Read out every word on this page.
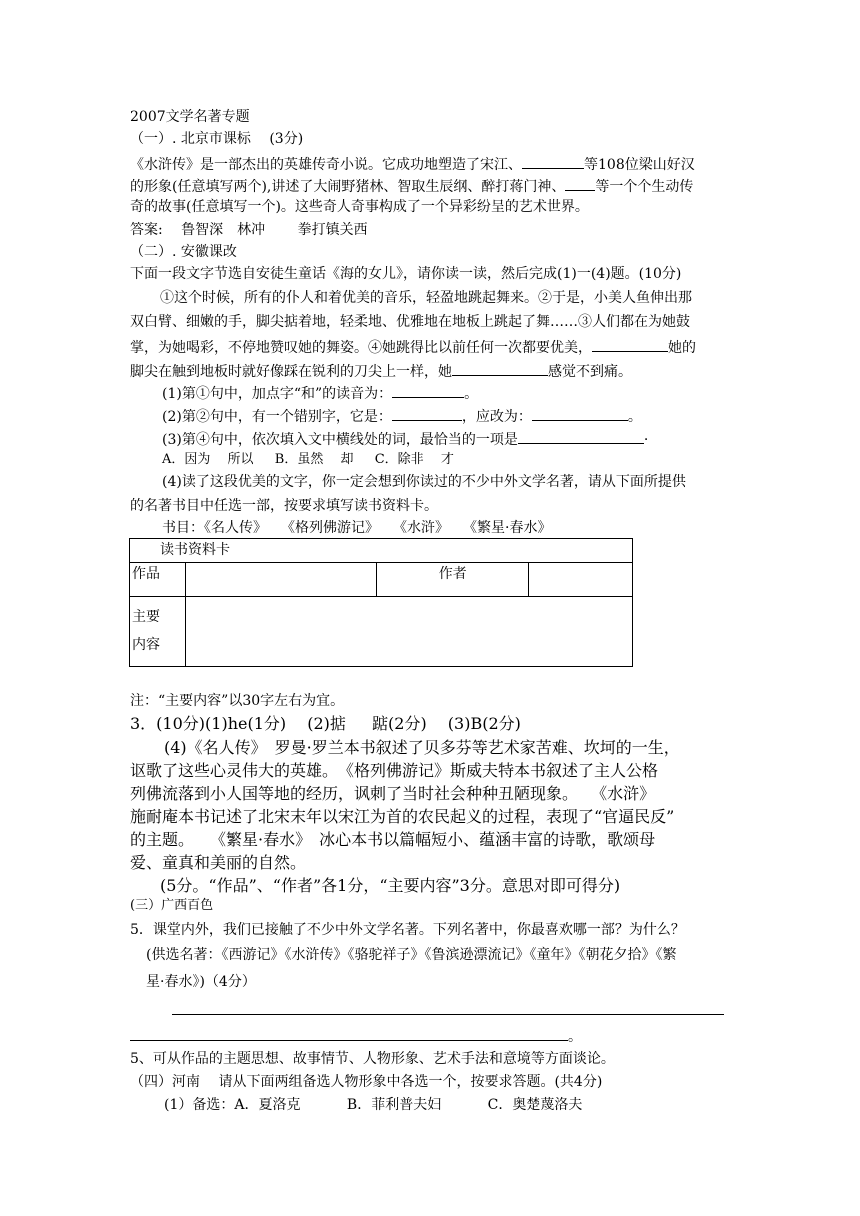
2007文学名著专题
（一）. 北京市课标 　(3分)
《水浒传》是一部杰出的英雄传奇小说。它成功地塑造了宋江、	等108位梁山好汉
的形象(任意填写两个),讲述了大闹野猪林、智取生辰纲、醉打蒋门神、 等一个个生动传
奇的故事(任意填写一个)。这些奇人奇事构成了一个异彩纷呈的艺术世界。
答案: 　鲁智深　林冲 　　拳打镇关西
（二）. 安徽课改
下面一段文字节选自安徒生童话《海的女儿》，请你读一读，然后完成(1)一(4)题。(10分)
①这个时候，所有的仆人和着优美的音乐，轻盈地跳起舞来。②于是，小美人鱼伸出那
双白臂、细嫩的手，脚尖掂着地，轻柔地、优雅地在地板上跳起了舞……③人们都在为她鼓
掌，为她喝彩，不停地赞叹她的舞姿。④她跳得比以前任何一次都要优美，	她的
脚尖在触到地板时就好像踩在锐利的刀尖上一样，她	感觉不到痛。
(1)第①句中，加点字“和”的读音为：	。
(2)第②句中，有一个错别字，它是：	，应改为：	。
(3)第④句中，依次填入文中横线处的词，最恰当的一项是	·
A．因为 　所以 　 B．虽然 　却 　 C．除非 　才
(4)读了这段优美的文字，你一定会想到你读过的不少中外文学名著，请从下面所提供
的名著书目中任选一部，按要求填写读书资料卡。
书目：《名人传》　　《格列佛游记》　　《水浒》　　《繁星·春水》
读书资料卡			
作品		作者	
主要
内容			
注：“主要内容”以30字左右为宜。
3．(10分)(1)he(1分) 　(2)掂 　 踮(2分) 　(3)B(2分)
(4)《名人传》　罗曼·罗兰本书叙述了贝多芬等艺术家苦难、坎坷的一生，
讴歌了这些心灵伟大的英雄。　《格列佛游记》斯威夫特本书叙述了主人公格
列佛流落到小人国等地的经历，讽刺了当时社会种种丑陋现象。　 《水浒》
施耐庵本书记述了北宋末年以宋江为首的农民起义的过程，表现了“官逼民反”
的主题。　　《繁星·春水》　冰心本书以篇幅短小、蕴涵丰富的诗歌，歌颂母
爱、童真和美丽的自然。
(5分。“作品”、“作者”各1分，“主要内容”3分。意思对即可得分)
(三）广西百色
5．课堂内外，我们已接触了不少中外文学名著。下列名著中，你最喜欢哪一部？为什么？
(供选名著：《西游记》《水浒传》《骆驼祥子》《鲁滨逊漂流记》《童年》《朝花夕拾》《繁
星·春水》)（4分）
。
5、可从作品的主题思想、故事情节、人物形象、艺术手法和意境等方面谈论。
（四）河南 　请从下面两组备选人物形象中各选一个，按要求答题。(共4分)
(1）备选：A．夏洛克 　　　B．菲利普夫妇 　　　C．奥楚蔑洛夫
